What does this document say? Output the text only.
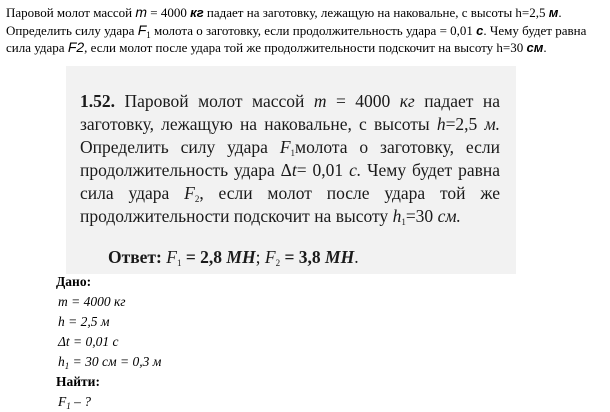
Паровой молот массой m = 4000 кг падает на заготовку, лежащую на наковальне, с высоты h=2,5 м. Определить силу удара $F_1$ молота о заготовку, если продолжительность удара = 0,01 с. Чему будет равна сила удара F2, если молот после удара той же продолжительности подскочит на высоту h=30 см.
1.52. Паровой молот массой m = 4000 кг падает на заготовку, лежащую на наковальне, с высоты h=2,5 м. Определить силу удара $F_1молота$ о заготовку, если продолжительность удара Δt= 0,01 с. Чему будет равна сила удара $F_2$, если молот после удара той же продолжительности подскочит на высоту $h_1=30$ см.
Ответ: $F_1 = 2,8$ МН; $F_2 = 3,8$ МН.
Дано:
m = 4000 кг
h = 2,5 м
Δt = 0,01 с
$h_1 = 30$ см = 0,3 м
Найти:
$F_1$ – ?
